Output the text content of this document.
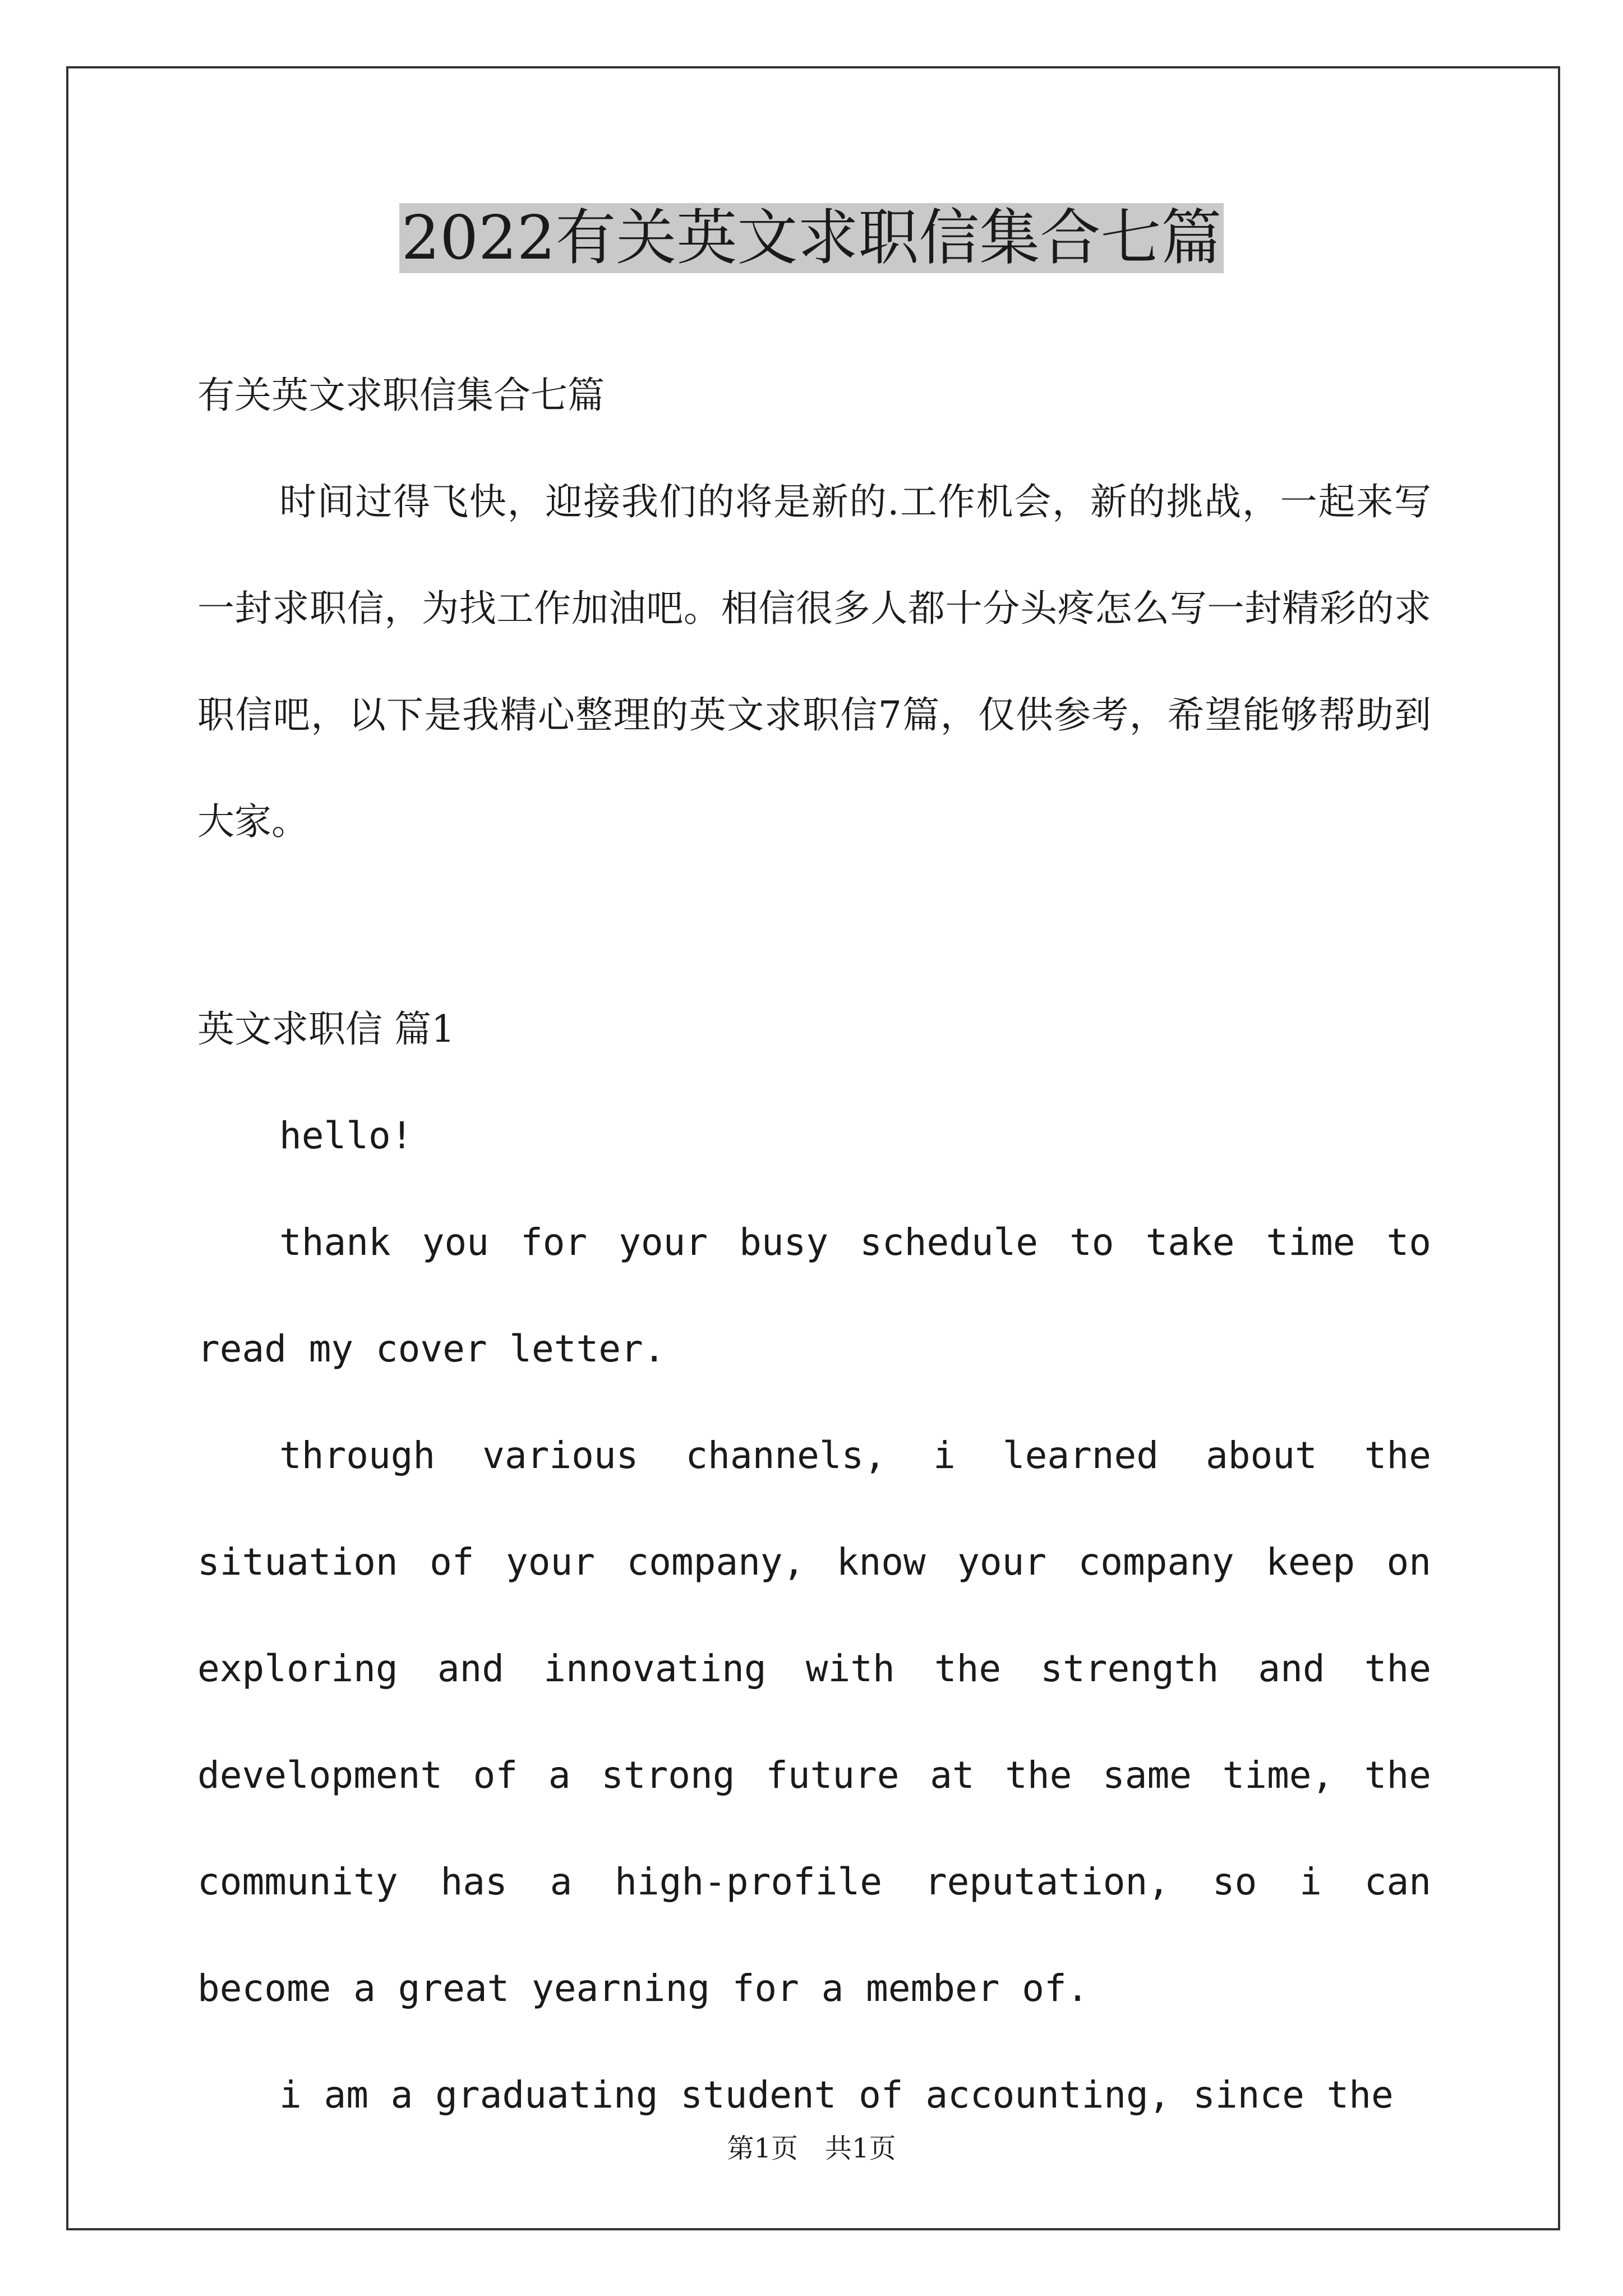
2022有关英文求职信集合七篇

有关英文求职信集合七篇

时间过得飞快，迎接我们的将是新的.工作机会，新的挑战，一起来写一封求职信，为找工作加油吧。相信很多人都十分头疼怎么写一封精彩的求职信吧，以下是我精心整理的英文求职信7篇，仅供参考，希望能够帮助到大家。

英文求职信 篇1

hello!

thank you for your busy schedule to take time to read my cover letter.

through various channels, i learned about the situation of your company, know your company keep on exploring and innovating with the strength and the development of a strong future at the same time, the community has a high-profile reputation, so i can become a great yearning for a member of.

i am a graduating student of accounting, since the

第1页　共1页
